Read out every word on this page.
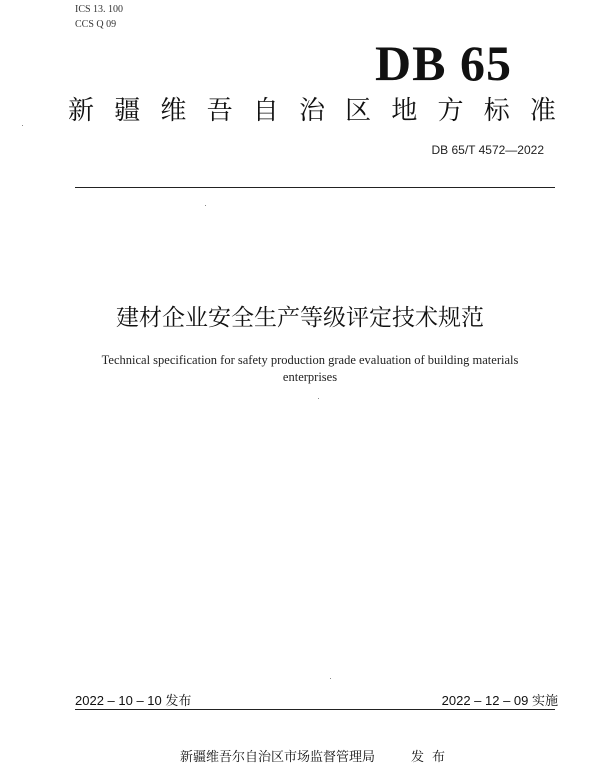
ICS 13. 100
CCS Q 09
DB 65
新 疆 维 吾 自 治 区 地 方 标 准
DB 65/T 4572—2022
建材企业安全生产等级评定技术规范
Technical specification for safety production grade evaluation of building materials
enterprises
2022 – 10 – 10 发布	2022 – 12 – 09 实施
新疆维吾尔自治区市场监督管理局	发布
